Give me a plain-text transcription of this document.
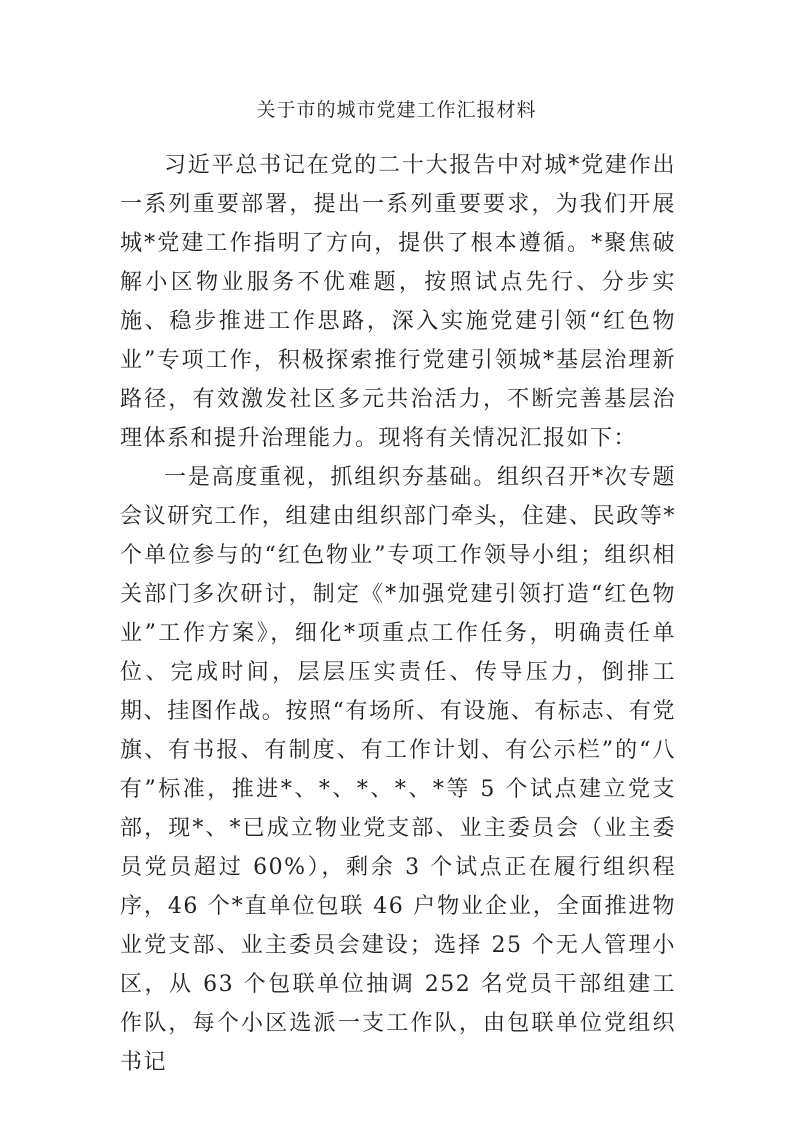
关于市的城市党建工作汇报材料

习近平总书记在党的二十大报告中对城*党建作出一系列重要部署，提出一系列重要要求，为我们开展城*党建工作指明了方向，提供了根本遵循。*聚焦破解小区物业服务不优难题，按照试点先行、分步实施、稳步推进工作思路，深入实施党建引领“红色物业”专项工作，积极探索推行党建引领城*基层治理新路径，有效激发社区多元共治活力，不断完善基层治理体系和提升治理能力。现将有关情况汇报如下：

一是高度重视，抓组织夯基础。组织召开*次专题会议研究工作，组建由组织部门牵头，住建、民政等*个单位参与的“红色物业”专项工作领导小组；组织相关部门多次研讨，制定《*加强党建引领打造“红色物业”工作方案》，细化*项重点工作任务，明确责任单位、完成时间，层层压实责任、传导压力，倒排工期、挂图作战。按照“有场所、有设施、有标志、有党旗、有书报、有制度、有工作计划、有公示栏”的“八有”标准，推进*、*、*、*、*等 5 个试点建立党支部，现*、*已成立物业党支部、业主委员会（业主委员党员超过 60%），剩余 3 个试点正在履行组织程序，46 个*直单位包联 46 户物业企业，全面推进物业党支部、业主委员会建设；选择 25 个无人管理小区，从 63 个包联单位抽调 252 名党员干部组建工作队，每个小区选派一支工作队，由包联单位党组织书记
